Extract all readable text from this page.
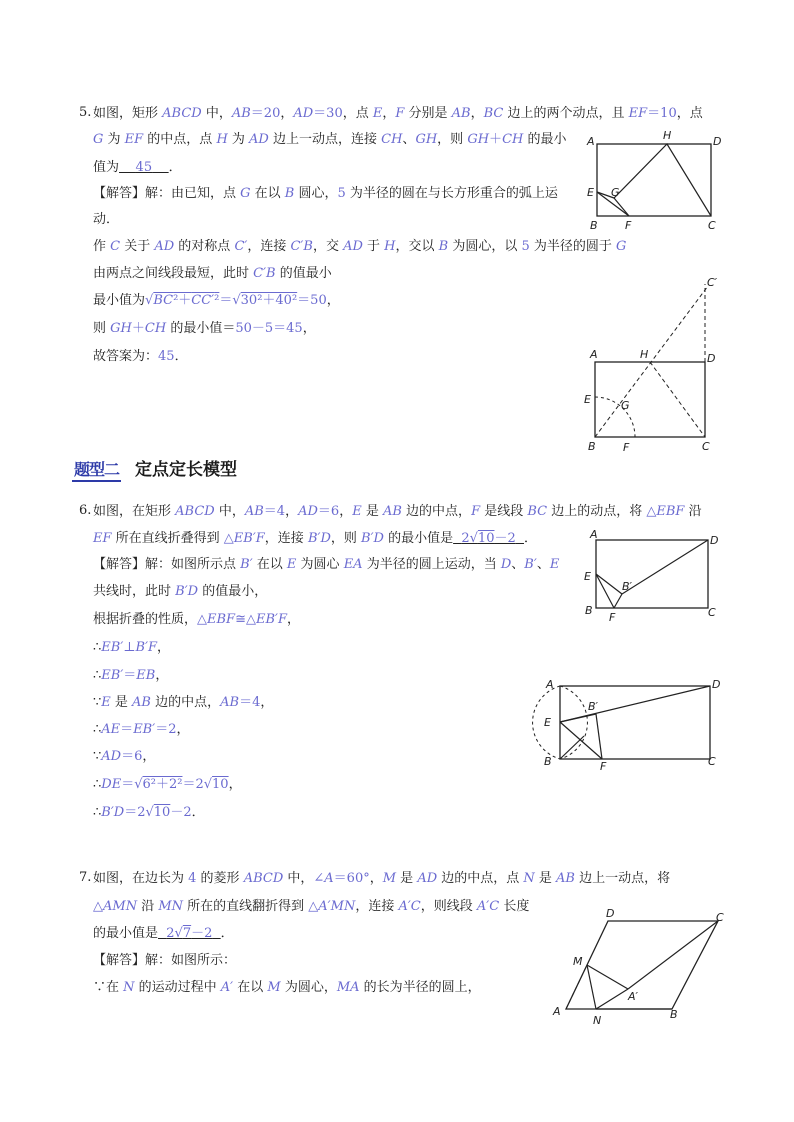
5. 如图，矩形 ABCD 中，AB＝20，AD＝30，点 E，F 分别是 AB，BC 边上的两个动点，且 EF＝10，点
G 为 EF 的中点，点 H 为 AD 边上一动点，连接 CH、GH，则 GH＋CH 的最小
值为 45 ．
【解答】解：由已知，点 G 在以 B 圆心，5 为半径的圆在与长方形重合的弧上运
动．
作 C 关于 AD 的对称点 C′，连接 C′B，交 AD 于 H，交以 B 为圆心，以 5 为半径的圆于 G
由两点之间线段最短，此时 C′B 的值最小
最小值为√BC²＋CC′²＝√30²＋40²＝50，
则 GH＋CH 的最小值＝50－5＝45，
故答案为：45．
A	D
H
E G
B F	C
C′
A	H	D
E	G
B F	C
题型二 定点定长模型
6. 如图，在矩形 ABCD 中，AB＝4，AD＝6，E 是 AB 边的中点，F 是线段 BC 边上的动点，将 △EBF 沿
EF 所在直线折叠得到 △EB′F，连接 B′D，则 B′D 的最小值是 2√10－2 ．
【解答】解：如图所示点 B′ 在以 E 为圆心 EA 为半径的圆上运动，当 D、B′、E
共线时，此时 B′D 的值最小，
根据折叠的性质，△EBF≅△EB′F，
∴EB′⊥B′F，
∴EB′＝EB，
∵E 是 AB 边的中点，AB＝4，
∴AE＝EB′＝2，
∵AD＝6，
∴DE＝√6²＋2²＝2√10，
∴B′D＝2√10－2．
A	D
E
B′
B
F	C
A	D
E
B′
B	F	C
7. 如图，在边长为 4 的菱形 ABCD 中，∠A＝60°，M 是 AD 边的中点，点 N 是 AB 边上一动点，将
△AMN 沿 MN 所在的直线翻折得到 △A′MN，连接 A′C，则线段 A′C 长度
的最小值是 2√7－2 ．
【解答】解：如图所示：
∵在 N 的运动过程中 A′ 在以 M 为圆心，MA 的长为半径的圆上，
D	C
M
A′
A
N	B
